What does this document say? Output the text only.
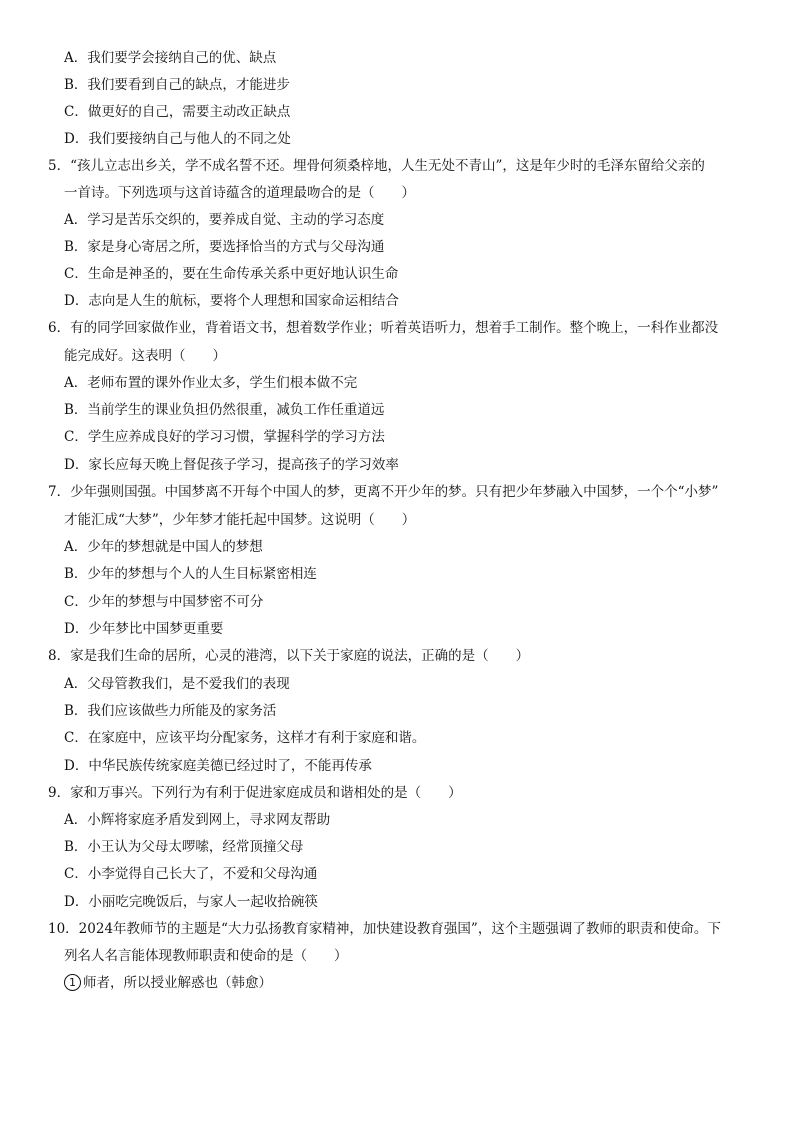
A．我们要学会接纳自己的优、缺点
B．我们要看到自己的缺点，才能进步
C．做更好的自己，需要主动改正缺点
D．我们要接纳自己与他人的不同之处
5．“孩儿立志出乡关，学不成名誓不还。埋骨何须桑梓地，人生无处不青山”，这是年少时的毛泽东留给父亲的
一首诗。下列选项与这首诗蕴含的道理最吻合的是（　　）
A．学习是苦乐交织的，要养成自觉、主动的学习态度
B．家是身心寄居之所，要选择恰当的方式与父母沟通
C．生命是神圣的，要在生命传承关系中更好地认识生命
D．志向是人生的航标，要将个人理想和国家命运相结合
6．有的同学回家做作业，背着语文书，想着数学作业；听着英语听力，想着手工制作。整个晚上，一科作业都没
能完成好。这表明（　　）
A．老师布置的课外作业太多，学生们根本做不完
B．当前学生的课业负担仍然很重，减负工作任重道远
C．学生应养成良好的学习习惯，掌握科学的学习方法
D．家长应每天晚上督促孩子学习，提高孩子的学习效率
7．少年强则国强。中国梦离不开每个中国人的梦，更离不开少年的梦。只有把少年梦融入中国梦，一个个“小梦”
才能汇成“大梦”，少年梦才能托起中国梦。这说明（　　）
A．少年的梦想就是中国人的梦想
B．少年的梦想与个人的人生目标紧密相连
C．少年的梦想与中国梦密不可分
D．少年梦比中国梦更重要
8．家是我们生命的居所，心灵的港湾，以下关于家庭的说法，正确的是（　　）
A．父母管教我们，是不爱我们的表现
B．我们应该做些力所能及的家务活
C．在家庭中，应该平均分配家务，这样才有利于家庭和谐。
D．中华民族传统家庭美德已经过时了，不能再传承
9．家和万事兴。下列行为有利于促进家庭成员和谐相处的是（　　）
A．小辉将家庭矛盾发到网上，寻求网友帮助
B．小王认为父母太啰嗦，经常顶撞父母
C．小李觉得自己长大了，不爱和父母沟通
D．小丽吃完晚饭后，与家人一起收拾碗筷
10．2024年教师节的主题是“大力弘扬教育家精神，加快建设教育强国”，这个主题强调了教师的职责和使命。下
列名人名言能体现教师职责和使命的是（　　）
1 师者，所以授业解惑也（韩愈）
